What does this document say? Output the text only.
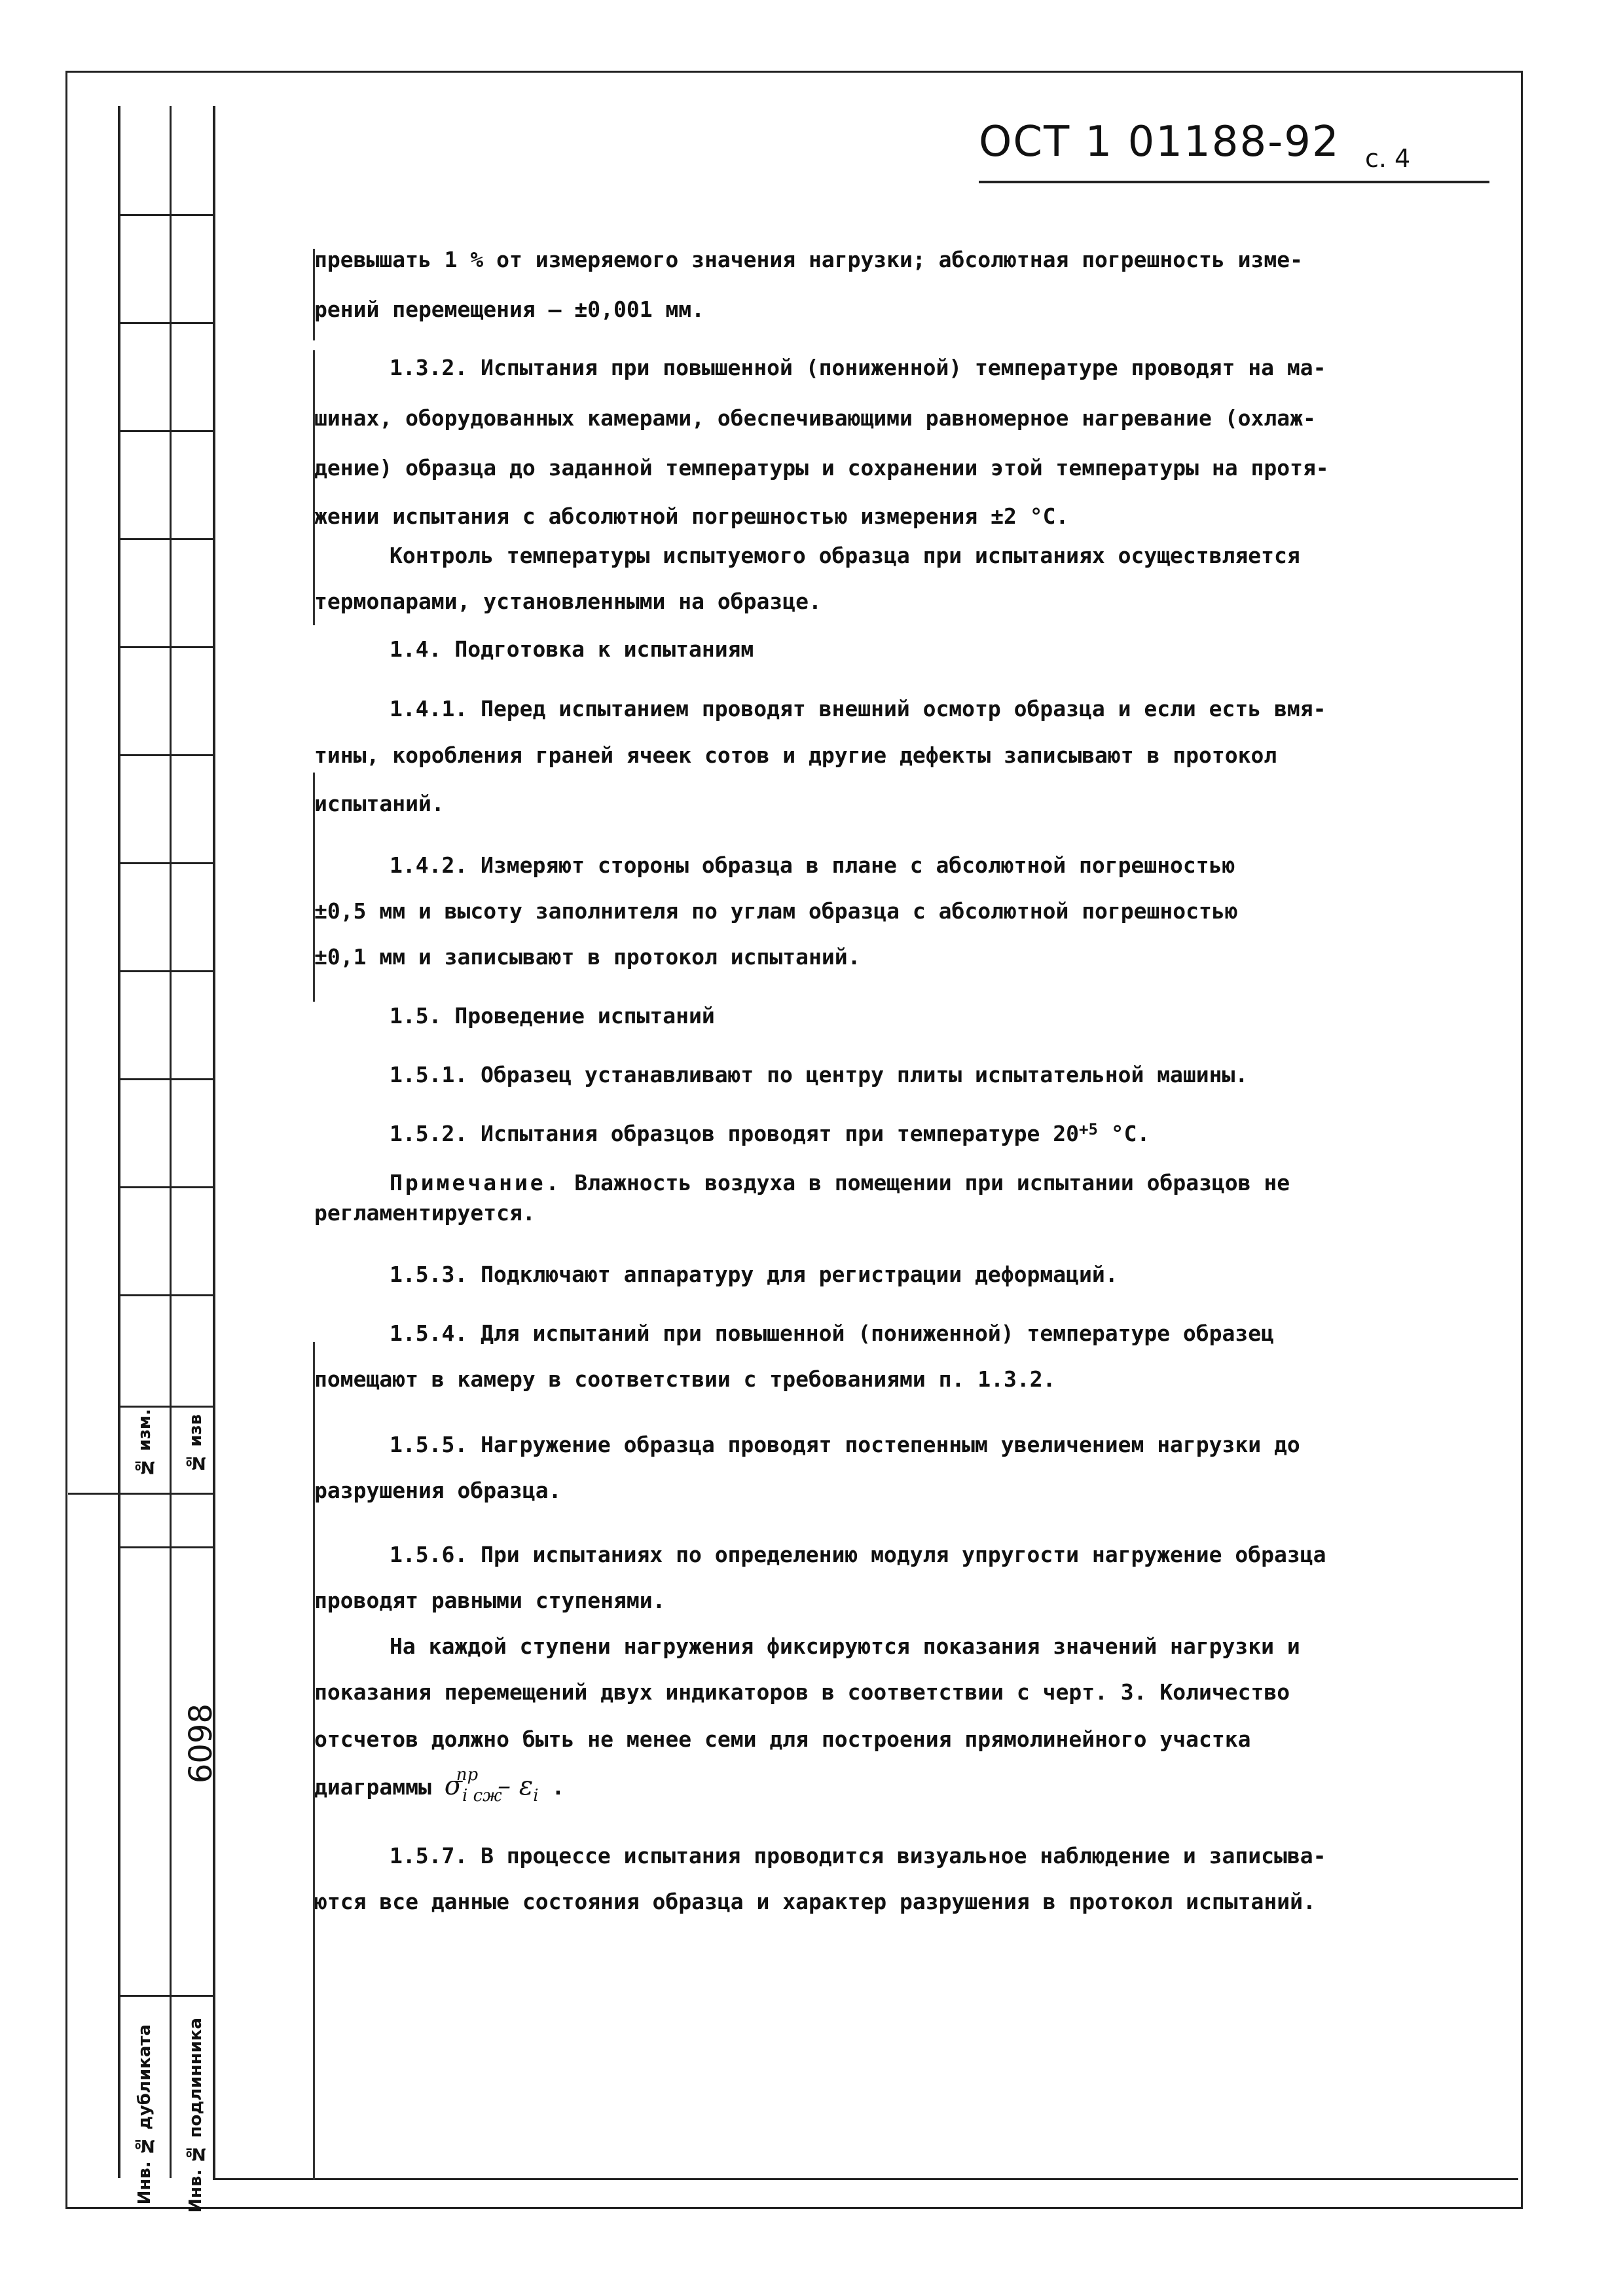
№ изм. № изв
6098
Инв. № дубликата Инв. № подлинника
ОСТ 1 01188-92 с. 4
превышать 1 % от измеряемого значения нагрузки; абсолютная погрешность изме-
рений перемещения – ±0,001 мм.
1.3.2. Испытания при повышенной (пониженной) температуре проводят на ма-
шинах, оборудованных камерами, обеспечивающими равномерное нагревание (охлаж-
дение) образца до заданной температуры и сохранении этой температуры на протя-
жении испытания с абсолютной погрешностью измерения ±2 °С.
Контроль температуры испытуемого образца при испытаниях осуществляется
термопарами, установленными на образце.
1.4. Подготовка к испытаниям
1.4.1. Перед испытанием проводят внешний осмотр образца и если есть вмя-
тины, коробления граней ячеек сотов и другие дефекты записывают в протокол
испытаний.
1.4.2. Измеряют стороны образца в плане с абсолютной погрешностью
±0,5 мм и высоту заполнителя по углам образца с абсолютной погрешностью
±0,1 мм и записывают в протокол испытаний.
1.5. Проведение испытаний
1.5.1. Образец устанавливают по центру плиты испытательной машины.
1.5.2. Испытания образцов проводят при температуре $20^{+5}$ °С.
Примечание. Влажность воздуха в помещении при испытании образцов не
регламентируется.
1.5.3. Подключают аппаратуру для регистрации деформаций.
1.5.4. Для испытаний при повышенной (пониженной) температуре образец
помещают в камеру в соответствии с требованиями п. 1.3.2.
1.5.5. Нагружение образца проводят постепенным увеличением нагрузки до
разрушения образца.
1.5.6. При испытаниях по определению модуля упругости нагружение образца
проводят равными ступенями.
На каждой ступени нагружения фиксируются показания значений нагрузки и
показания перемещений двух индикаторов в соответствии с черт. 3. Количество
отсчетов должно быть не менее семи для построения прямолинейного участка
диаграммы $\sigma_{i сж}^{пр} - \varepsilon_i$ .
1.5.7. В процессе испытания проводится визуальное наблюдение и записыва-
ются все данные состояния образца и характер разрушения в протокол испытаний.
